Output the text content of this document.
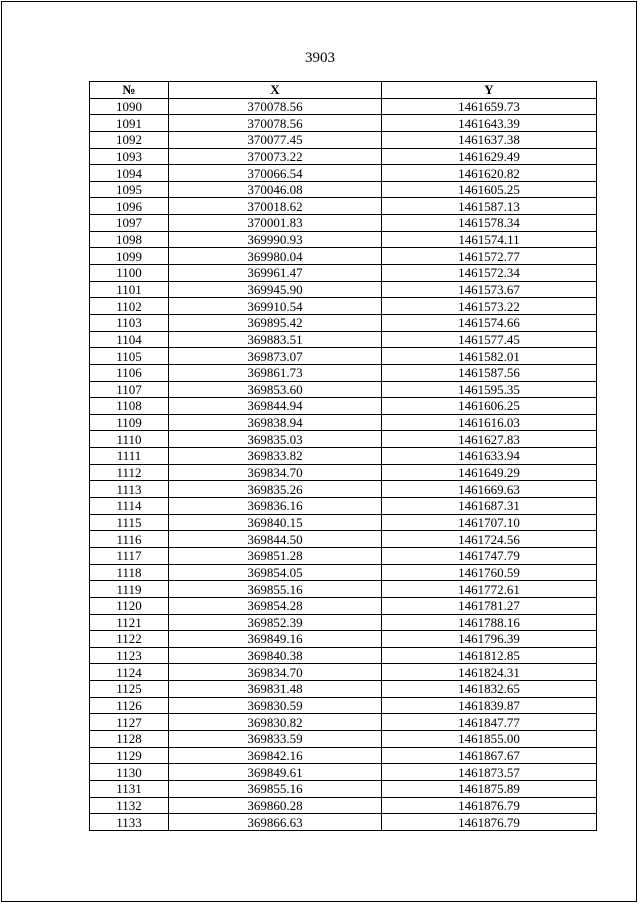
3903
№	X	Y
1090	370078.56	1461659.73
1091	370078.56	1461643.39
1092	370077.45	1461637.38
1093	370073.22	1461629.49
1094	370066.54	1461620.82
1095	370046.08	1461605.25
1096	370018.62	1461587.13
1097	370001.83	1461578.34
1098	369990.93	1461574.11
1099	369980.04	1461572.77
1100	369961.47	1461572.34
1101	369945.90	1461573.67
1102	369910.54	1461573.22
1103	369895.42	1461574.66
1104	369883.51	1461577.45
1105	369873.07	1461582.01
1106	369861.73	1461587.56
1107	369853.60	1461595.35
1108	369844.94	1461606.25
1109	369838.94	1461616.03
1110	369835.03	1461627.83
1111	369833.82	1461633.94
1112	369834.70	1461649.29
1113	369835.26	1461669.63
1114	369836.16	1461687.31
1115	369840.15	1461707.10
1116	369844.50	1461724.56
1117	369851.28	1461747.79
1118	369854.05	1461760.59
1119	369855.16	1461772.61
1120	369854.28	1461781.27
1121	369852.39	1461788.16
1122	369849.16	1461796.39
1123	369840.38	1461812.85
1124	369834.70	1461824.31
1125	369831.48	1461832.65
1126	369830.59	1461839.87
1127	369830.82	1461847.77
1128	369833.59	1461855.00
1129	369842.16	1461867.67
1130	369849.61	1461873.57
1131	369855.16	1461875.89
1132	369860.28	1461876.79
1133	369866.63	1461876.79
